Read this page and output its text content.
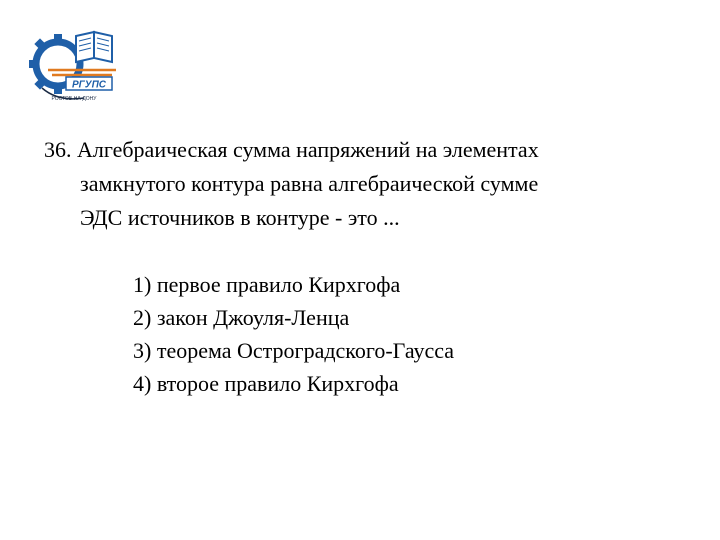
РГУПС
РОСТОВ-НА-ДОНУ

36. Алгебраическая сумма напряжений на элементах
замкнутого контура равна алгебраической сумме
ЭДС источников в контуре - это ...

1) первое правило Кирхгофа
2) закон Джоуля-Ленца
3) теорема Остроградского-Гаусса
4) второе правило Кирхгофа
